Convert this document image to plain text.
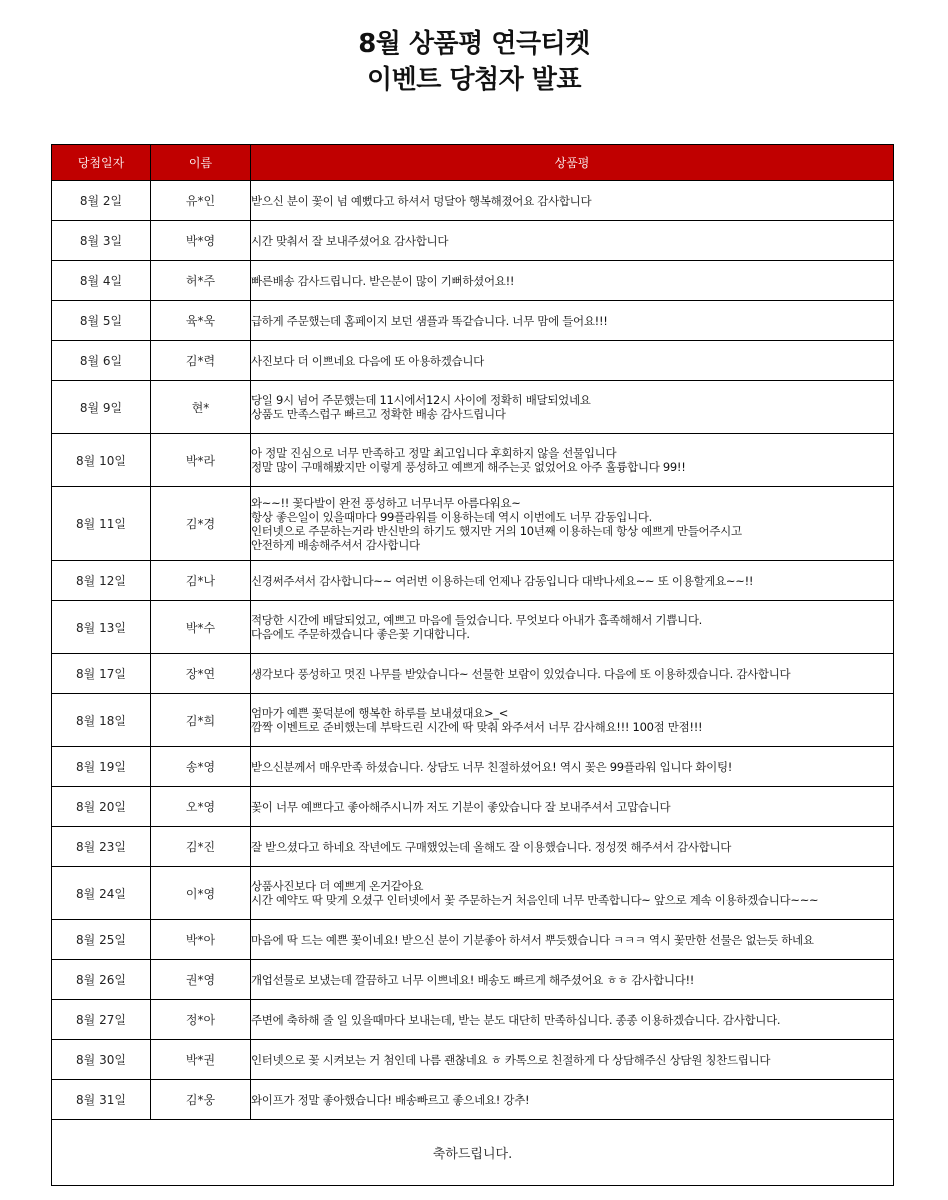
8월 상품평 연극티켓
이벤트 당첨자 발표
당첨일자	이름	상품평
8월 2일	유*인	받으신 분이 꽃이 넘 예뻤다고 하셔서 덩달아 행복해졌어요 감사합니다

8월 3일	박*영	시간 맞춰서 잘 보내주셨어요 감사합니다

8월 4일	허*주	빠른배송 감사드립니다. 받은분이 많이 기뻐하셨어요!!

8월 5일	육*욱	급하게 주문했는데 홈페이지 보던 샘플과 똑같습니다. 너무 맘에 들어요!!!

8월 6일	김*력	사진보다 더 이쁘네요 다음에 또 아용하겠습니다

8월 9일	현*	당일 9시 넘어 주문했는데 11시에서12시 사이에 정확히 배달되었네요
상품도 만족스럽구 빠르고 정확한 배송 감사드립니다

8월 10일	박*라	아 정말 진심으로 너무 만족하고 정말 최고입니다 후회하지 않을 선물입니다
정말 많이 구매해봤지만 이렇게 풍성하고 예쁘게 해주는곳 없었어요 아주 훌륭합니다 99!!

8월 11일	김*경	와~~!! 꽃다발이 완전 풍성하고 너무너무 아름다워요~
항상 좋은일이 있을때마다 99플라워를 이용하는데 역시 이번에도 너무 감동입니다.
인터넷으로 주문하는거라 반신반의 하기도 했지만 거의 10년째 이용하는데 항상 예쁘게 만들어주시고
안전하게 배송해주셔서 감사합니다

8월 12일	김*나	신경써주셔서 감사합니다~~ 여러번 이용하는데 언제나 감동입니다 대박나세요~~ 또 이용할게요~~!!

8월 13일	박*수	적당한 시간에 배달되었고, 예쁘고 마음에 들었습니다. 무엇보다 아내가 흡족해해서 기쁩니다.
다음에도 주문하겠습니다 좋은꽃 기대합니다.

8월 17일	장*연	생각보다 풍성하고 멋진 나무를 받았습니다~ 선물한 보람이 있었습니다. 다음에 또 이용하겠습니다. 감사합니다

8월 18일	김*희	엄마가 예쁜 꽃덕분에 행복한 하루를 보내셨대요>_<
깜짝 이벤트로 준비했는데 부탁드린 시간에 딱 맞춰 와주셔서 너무 감사해요!!! 100점 만점!!!

8월 19일	송*영	받으신분께서 매우만족 하셨습니다. 상담도 너무 친절하셨어요! 역시 꽃은 99플라워 입니다 화이팅!

8월 20일	오*영	꽃이 너무 예쁘다고 좋아해주시니까 저도 기분이 좋았습니다 잘 보내주셔서 고맙습니다

8월 23일	김*진	잘 받으셨다고 하네요 작년에도 구매했었는데 올해도 잘 이용했습니다. 정성껏 해주셔서 감사합니다

8월 24일	이*영	상품사진보다 더 예쁘게 온거같아요
시간 예약도 딱 맞게 오셨구 인터넷에서 꽃 주문하는거 처음인데 너무 만족합니다~ 앞으로 계속 이용하겠습니다~~~

8월 25일	박*아	마음에 딱 드는 예쁜 꽃이네요! 받으신 분이 기분좋아 하셔서 뿌듯했습니다 ㅋㅋㅋ 역시 꽃만한 선물은 없는듯 하네요

8월 26일	권*영	개업선물로 보냈는데 깔끔하고 너무 이쁘네요! 배송도 빠르게 해주셨어요 ㅎㅎ 감사합니다!!

8월 27일	정*아	주변에 축하해 줄 일 있을때마다 보내는데, 받는 분도 대단히 만족하십니다. 종종 이용하겠습니다. 감사합니다.

8월 30일	박*권	인터넷으로 꽃 시켜보는 거 첨인데 나름 괜찮네요 ㅎ 카톡으로 친절하게 다 상담해주신 상담원 칭찬드립니다

8월 31일	김*웅	와이프가 정말 좋아했습니다! 배송빠르고 좋으네요! 강추!

축하드립니다.		
